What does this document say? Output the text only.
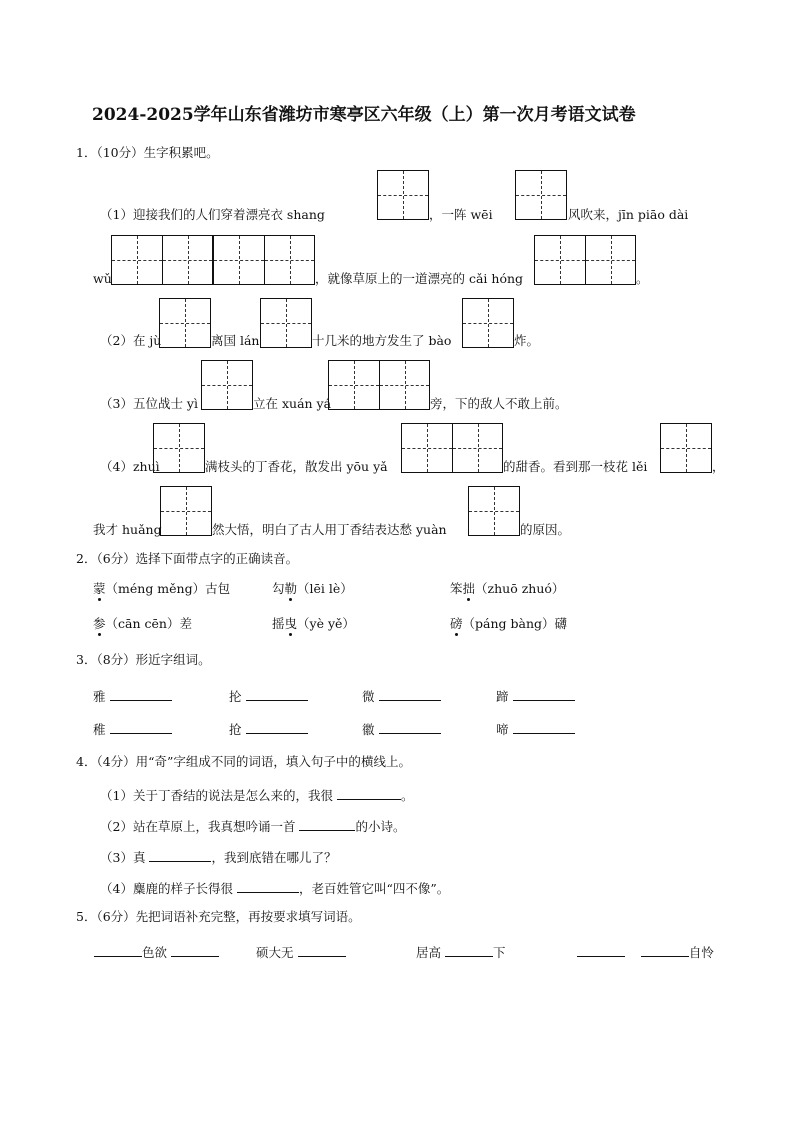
2024-2025学年山东省潍坊市寒亭区六年级（上）第一次月考语文试卷
1．（10分）生字积累吧。
（1）迎接我们的人们穿着漂亮衣 shang	，一阵 wēi	风吹来，jīn piāo dài
wǔ	，就像草原上的一道漂亮的 cǎi hóng	。
（2）在 jù	离国 lán	十几米的地方发生了 bào	炸。
（3）五位战士 yì	立在 xuán yá	旁，下的敌人不敢上前。
（4）zhuì	满枝头的丁香花，散发出 yōu yǎ	的甜香。看到那一枝花 lěi	，
我才 huǎng	然大悟，明白了古人用丁香结表达愁 yuàn	的原因。
2．（6分）选择下面带点字的正确读音。
蒙（méng měng）古包	勾勒（lēi lè）	笨拙（zhuō zhuó）
参（cān cēn）差	摇曳（yè yě）	磅（páng bàng）礴
3．（8分）形近字组词。
雅	抡	微	蹄
稚	抢	徽	啼
4．（4分）用“奇”字组成不同的词语，填入句子中的横线上。
（1）关于丁香结的说法是怎么来的，我很	。
（2）站在草原上，我真想吟诵一首	的小诗。
（3）真	，我到底错在哪儿了？
（4）麋鹿的样子长得很	，老百姓管它叫“四不像”。
5．（6分）先把词语补充完整，再按要求填写词语。
色欲	硕大无	居高	下	自怜
